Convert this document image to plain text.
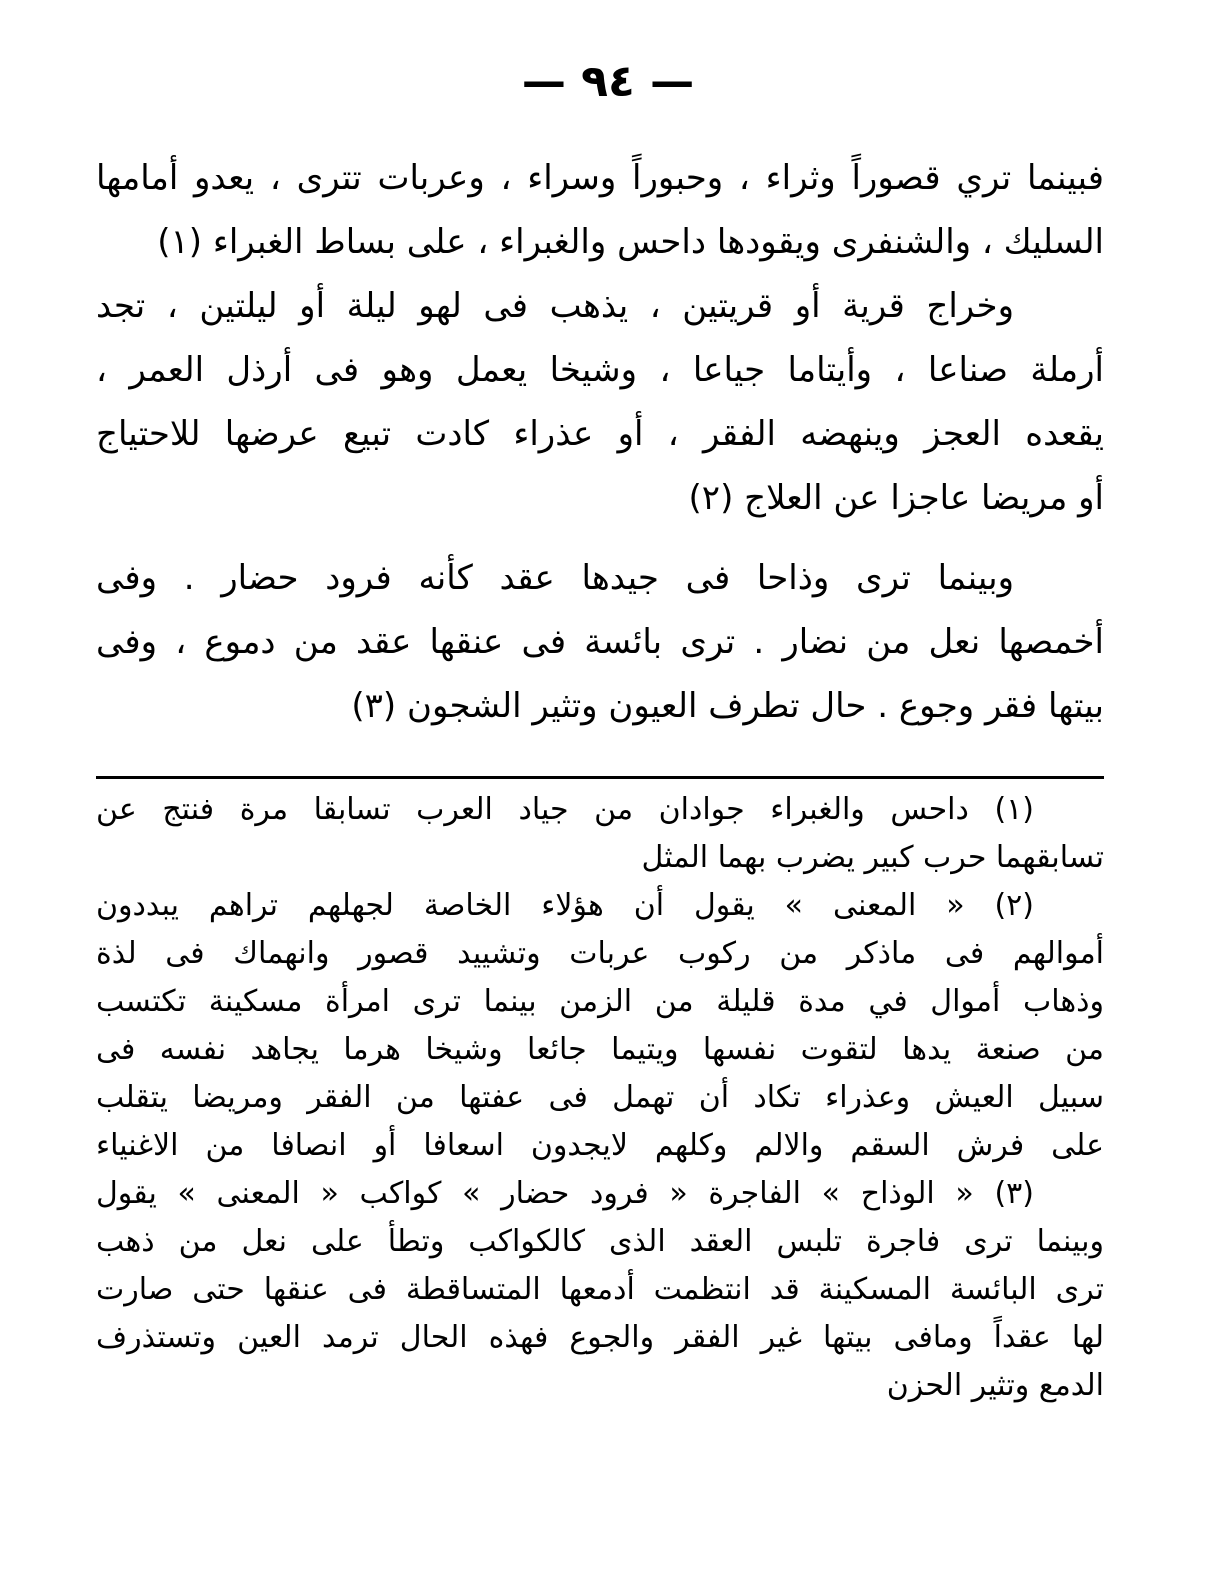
— ٩٤ —
فبينما تري قصوراً وثراء ، وحبوراً وسراء ، وعربات تترى ، يعدو أمامها
السليك ، والشنفرى ويقودها داحس والغبراء ، على بساط الغبراء (١)
وخراج قرية أو قريتين ، يذهب فى لهو ليلة أو ليلتين ، تجد
أرملة صناعا ، وأيتاما جياعا ، وشيخا يعمل وهو فى أرذل العمر ،
يقعده العجز وينهضه الفقر ، أو عذراء كادت تبيع عرضها للاحتياج
أو مريضا عاجزا عن العلاج (٢)
وبينما ترى وذاحا فى جيدها عقد كأنه فرود حضار . وفى
أخمصها نعل من نضار . ترى بائسة فى عنقها عقد من دموع ، وفى
بيتها فقر وجوع . حال تطرف العيون وتثير الشجون (٣)
(١) داحس والغبراء جوادان من جياد العرب تسابقا مرة فنتج عن
تسابقهما حرب كبير يضرب بهما المثل
(٢) « المعنى » يقول أن هؤلاء الخاصة لجهلهم تراهم يبددون
أموالهم فى ماذكر من ركوب عربات وتشييد قصور وانهماك فى لذة
وذهاب أموال في مدة قليلة من الزمن بينما ترى امرأة مسكينة تكتسب
من صنعة يدها لتقوت نفسها ويتيما جائعا وشيخا هرما يجاهد نفسه فى
سبيل العيش وعذراء تكاد أن تهمل فى عفتها من الفقر ومريضا يتقلب
على فرش السقم والالم وكلهم لايجدون اسعافا أو انصافا من الاغنياء
(٣) « الوذاح » الفاجرة « فرود حضار » كواكب « المعنى » يقول
وبينما ترى فاجرة تلبس العقد الذى كالكواكب وتطأ على نعل من ذهب
ترى البائسة المسكينة قد انتظمت أدمعها المتساقطة فى عنقها حتى صارت
لها عقداً ومافى بيتها غير الفقر والجوع فهذه الحال ترمد العين وتستذرف
الدمع وتثير الحزن
